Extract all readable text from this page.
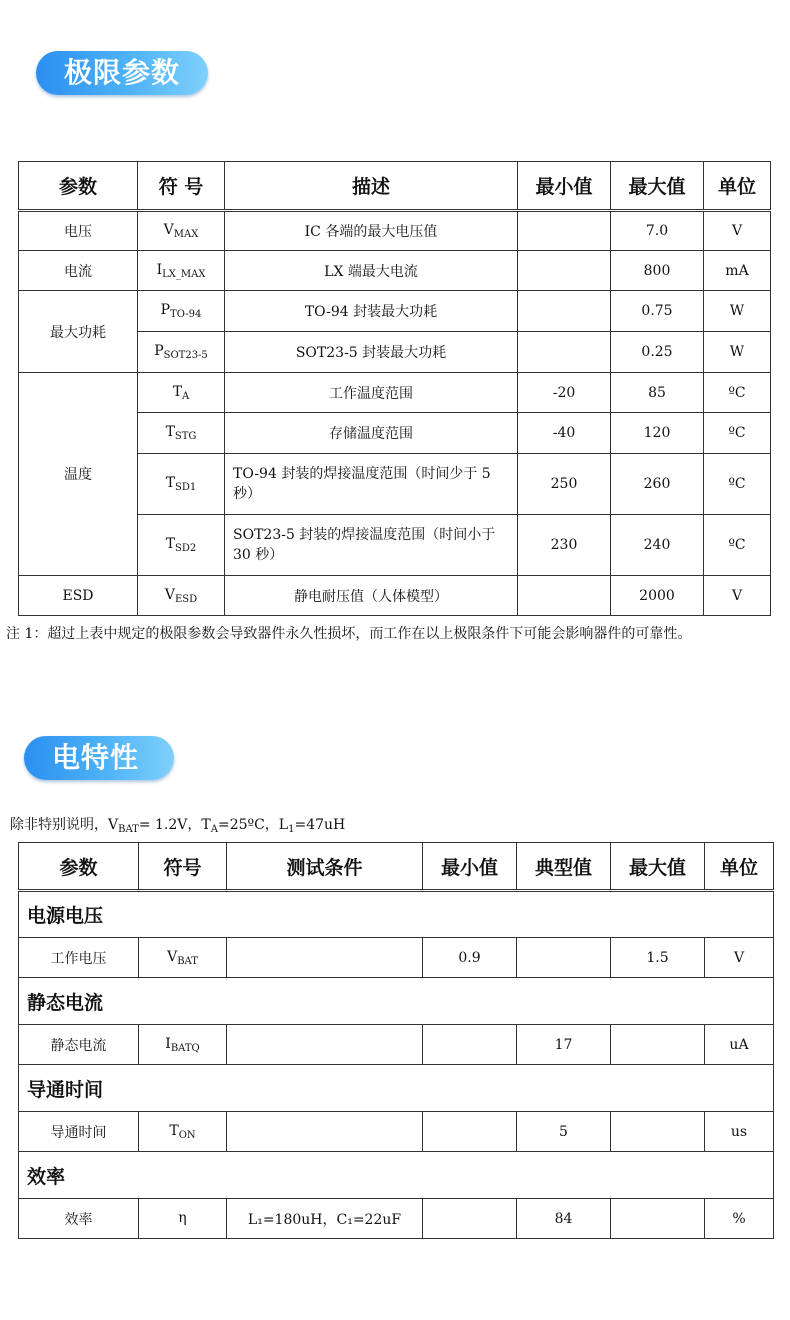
极限参数
参数	符 号	描述	最小值	最大值	单位
电压	$V_{MAX}$	IC 各端的最大电压值		7.0	V
电流	$I_{LX\_MAX}$	LX 端最大电流		800	mA
最大功耗	$P_{TO-94}$	TO-94 封装最大功耗		0.75	W
	$P_{SOT23-5}$	SOT23-5 封装最大功耗		0.25	W
温度	$T_A$	工作温度范围	-20	85	ºC
	$T_{STG}$	存储温度范围	-40	120	ºC
	$T_{SD1}$	TO-94 封装的焊接温度范围（时间少于 5 秒）	250	260	ºC
	$T_{SD2}$	SOT23-5 封装的焊接温度范围（时间小于 30 秒）	230	240	ºC
ESD	$V_{ESD}$	静电耐压值（人体模型）		2000	V
注 1：超过上表中规定的极限参数会导致器件永久性损坏，而工作在以上极限条件下可能会影响器件的可靠性。
电特性
除非特别说明，$V_{BAT}= 1.2V$，$T_A=25ºC$，$L_1=47uH$
参数	符号	测试条件	最小值	典型值	最大值	单位
电源电压						
工作电压	$V_{BAT}$		0.9		1.5	V
静态电流						
静态电流	$I_{BATQ}$			17		uA
导通时间						
导通时间	$T_{ON}$			5		us
效率						
效率	η	L₁=180uH，C₁=22uF		84		%
